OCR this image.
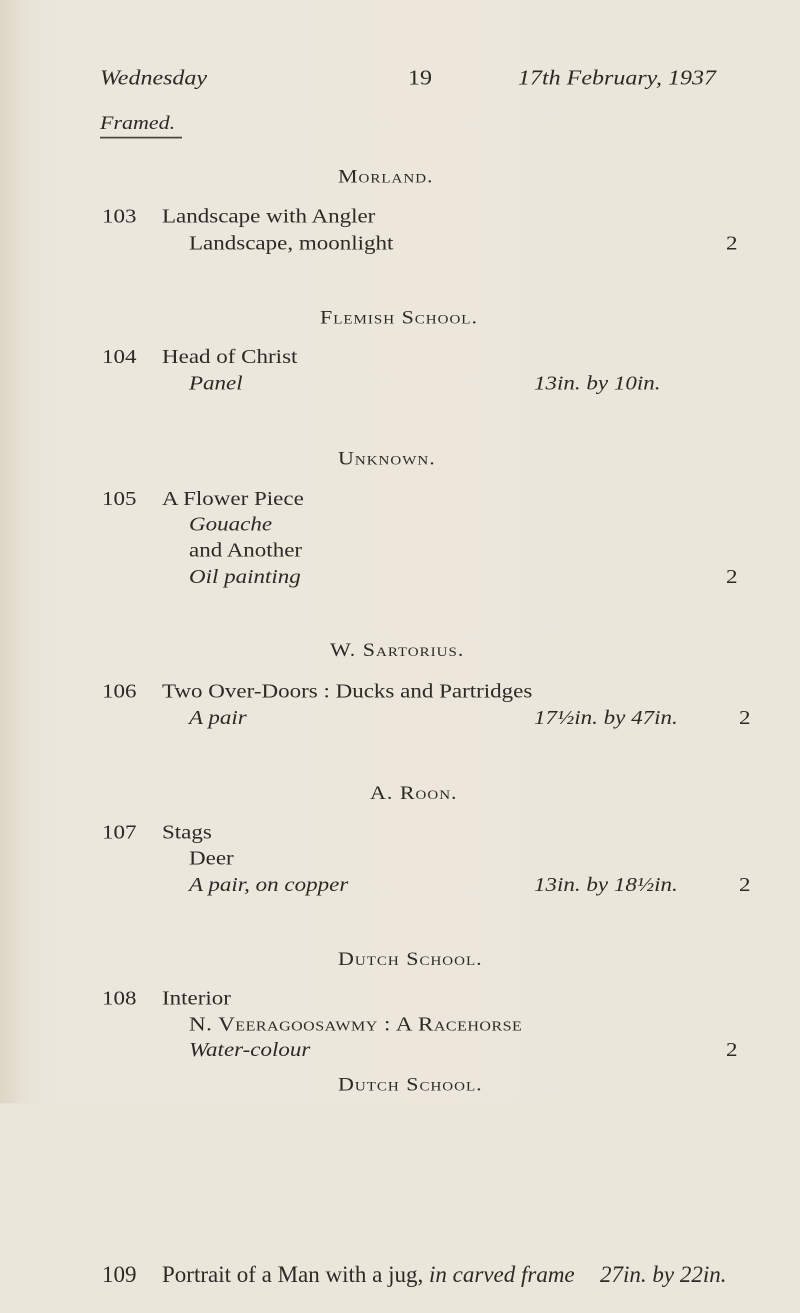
Wednesday	19	17th February, 1937
Framed.
Morland.
103 Landscape with Angler
Landscape, moonlight	2
Flemish School.
104 Head of Christ
Panel	13in. by 10in.
Unknown.
105 A Flower Piece
Gouache
and Another
Oil painting	2
W. Sartorius.
106 Two Over-Doors : Ducks and Partridges
A pair	17½in. by 47in.	2
A. Roon.
107 Stags
Deer
A pair, on copper	13in. by 18½in.	2
Dutch School.
108 Interior
N. Veeragoosawmy : A Racehorse
Water-colour	2
Dutch School.
109 Portrait of a Man with a jug, in carved frame 27in. by 22in.
